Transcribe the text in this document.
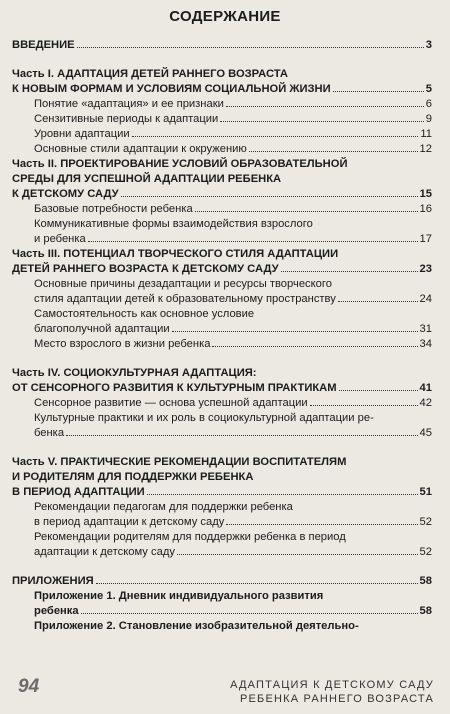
СОДЕРЖАНИЕ
ВВЕДЕНИЕ	3
Часть I. АДАПТАЦИЯ ДЕТЕЙ РАННЕГО ВОЗРАСТА
К НОВЫМ ФОРМАМ И УСЛОВИЯМ СОЦИАЛЬНОЙ ЖИЗНИ	5
Понятие «адаптация» и ее признаки	6
Сензитивные периоды к адаптации	9
Уровни адаптации	11
Основные стили адаптации к окружению	12
Часть II. ПРОЕКТИРОВАНИЕ УСЛОВИЙ ОБРАЗОВАТЕЛЬНОЙ
СРЕДЫ ДЛЯ УСПЕШНОЙ АДАПТАЦИИ РЕБЕНКА
К ДЕТСКОМУ САДУ	15
Базовые потребности ребенка	16
Коммуникативные формы взаимодействия взрослого
и ребенка	17
Часть III. ПОТЕНЦИАЛ ТВОРЧЕСКОГО СТИЛЯ АДАПТАЦИИ
ДЕТЕЙ РАННЕГО ВОЗРАСТА К ДЕТСКОМУ САДУ	23
Основные причины дезадаптации и ресурсы творческого
стиля адаптации детей к образовательному пространству	24
Самостоятельность как основное условие
благополучной адаптации	31
Место взрослого в жизни ребенка	34
Часть IV. СОЦИОКУЛЬТУРНАЯ АДАПТАЦИЯ:
ОТ СЕНСОРНОГО РАЗВИТИЯ К КУЛЬТУРНЫМ ПРАКТИКАМ	41
Сенсорное развитие — основа успешной адаптации	42
Культурные практики и их роль в социокультурной адаптации ре-
бенка	45
Часть V. ПРАКТИЧЕСКИЕ РЕКОМЕНДАЦИИ ВОСПИТАТЕЛЯМ
И РОДИТЕЛЯМ ДЛЯ ПОДДЕРЖКИ РЕБЕНКА
В ПЕРИОД АДАПТАЦИИ	51
Рекомендации педагогам для поддержки ребенка
в период адаптации к детскому саду	52
Рекомендации родителям для поддержки ребенка в период
адаптации к детскому саду	52
ПРИЛОЖЕНИЯ	58
Приложение 1. Дневник индивидуального развития
ребенка	58
Приложение 2. Становление изобразительной деятельно-
94	АДАПТАЦИЯ К ДЕТСКОМУ САДУ
РЕБЕНКА РАННЕГО ВОЗРАСТА
